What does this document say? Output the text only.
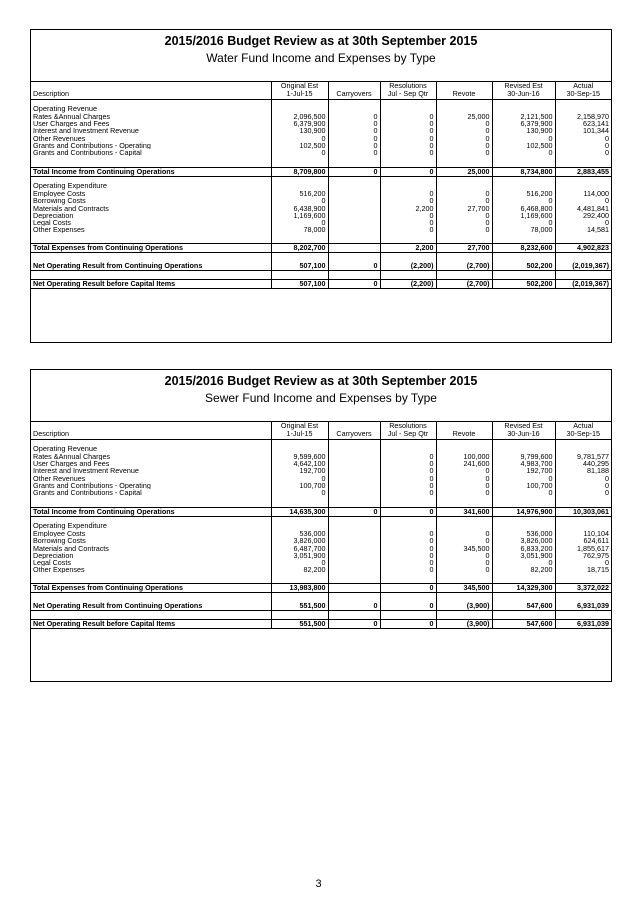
2015/2016 Budget Review as at 30th September 2015
Water Fund Income and Expenses by Type
	Original Est		Resolutions		Revised Est	Actual
Description	1-Jul-15	Carryovers	Jul - Sep Qtr	Revote	30-Jun-16	30-Sep-15

Operating Revenue						
Rates &Annual Charges	2,096,500	0	0	25,000	2,121,500	2,158,970
User Charges and Fees	6,379,900	0	0	0	6,379,900	623,141
Interest and Investment Revenue	130,900	0	0	0	130,900	101,344
Other Revenues	0	0	0	0	0	0
Grants and Contributions - Operating	102,500	0	0	0	102,500	0
Grants and Contributions - Capital	0	0	0	0	0	0

Total Income from Continuing Operations	8,709,800	0	0	25,000	8,734,800	2,883,455

Operating Expenditure						
Employee Costs	516,200		0	0	516,200	114,000
Borrowing Costs	0		0	0	0	0
Materials and Contracts	6,438,900		2,200	27,700	6,468,800	4,481,841
Depreciation	1,169,600		0	0	1,169,600	292,400
Legal Costs	0		0	0	0	0
Other Expenses	78,000		0	0	78,000	14,581

Total Expenses from Continuing Operations	8,202,700		2,200	27,700	8,232,600	4,902,823

Net Operating Result from Continuing Operations	507,100	0	(2,200)	(2,700)	502,200	(2,019,367)

Net Operating Result before Capital Items	507,100	0	(2,200)	(2,700)	502,200	(2,019,367)
2015/2016 Budget Review as at 30th September 2015
Sewer Fund Income and Expenses by Type
	Original Est		Resolutions		Revised Est	Actual
Description	1-Jul-15	Carryovers	Jul - Sep Qtr	Revote	30-Jun-16	30-Sep-15

Operating Revenue						
Rates &Annual Charges	9,599,600		0	100,000	9,799,600	9,781,577
User Charges and Fees	4,642,100		0	241,600	4,983,700	440,295
Interest and Investment Revenue	192,700		0	0	192,700	81,188
Other Revenues	0		0	0	0	0
Grants and Contributions - Operating	100,700		0	0	100,700	0
Grants and Contributions - Capital	0		0	0	0	0

Total Income from Continuing Operations	14,635,300	0	0	341,600	14,976,900	10,303,061

Operating Expenditure						
Employee Costs	536,000		0	0	536,000	110,104
Borrowing Costs	3,826,000		0	0	3,826,000	624,611
Materials and Contracts	6,487,700		0	345,500	6,833,200	1,855,617
Depreciation	3,051,900		0	0	3,051,900	762,975
Legal Costs	0		0	0	0	0
Other Expenses	82,200		0	0	82,200	18,715

Total Expenses from Continuing Operations	13,983,800		0	345,500	14,329,300	3,372,022

Net Operating Result from Continuing Operations	551,500	0	0	(3,900)	547,600	6,931,039

Net Operating Result before Capital Items	551,500	0	0	(3,900)	547,600	6,931,039
3
